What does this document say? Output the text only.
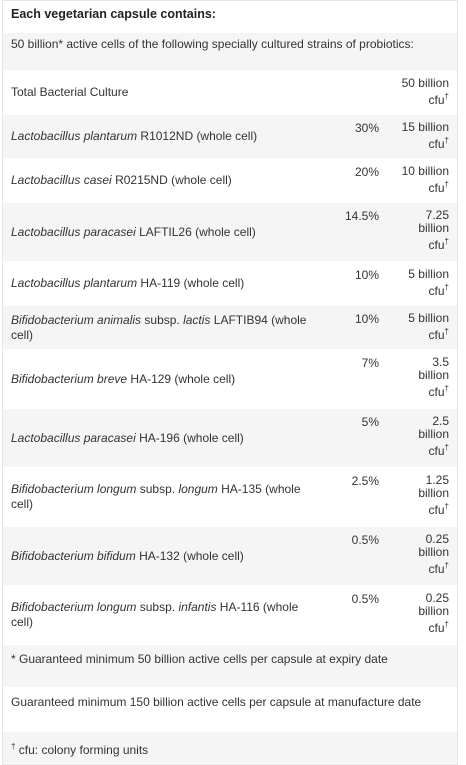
Each vegetarian capsule contains:
50 billion* active cells of the following specially cultured strains of probiotics:
Total Bacterial Culture
50 billion
cfu†
Lactobacillus plantarum R1012ND (whole cell)
30%	15 billion
cfu†
Lactobacillus casei R0215ND (whole cell)
20%	10 billion
cfu†
Lactobacillus paracasei LAFTIL26 (whole cell)
14.5%	7.25
billion
cfu†
Lactobacillus plantarum HA-119 (whole cell)
10%	5 billion
cfu†
Bifidobacterium animalis subsp. lactis LAFTIB94 (whole cell)
10%	5 billion
cfu†
Bifidobacterium breve HA-129 (whole cell)
7%	3.5
billion
cfu†
Lactobacillus paracasei HA-196 (whole cell)
5%	2.5
billion
cfu†
Bifidobacterium longum subsp. longum HA-135 (whole cell)
2.5%	1.25
billion
cfu†
Bifidobacterium bifidum HA-132 (whole cell)
0.5%	0.25
billion
cfu†
Bifidobacterium longum subsp. infantis HA-116 (whole cell)
0.5%	0.25
billion
cfu†
* Guaranteed minimum 50 billion active cells per capsule at expiry date
Guaranteed minimum 150 billion active cells per capsule at manufacture date
† cfu: colony forming units
